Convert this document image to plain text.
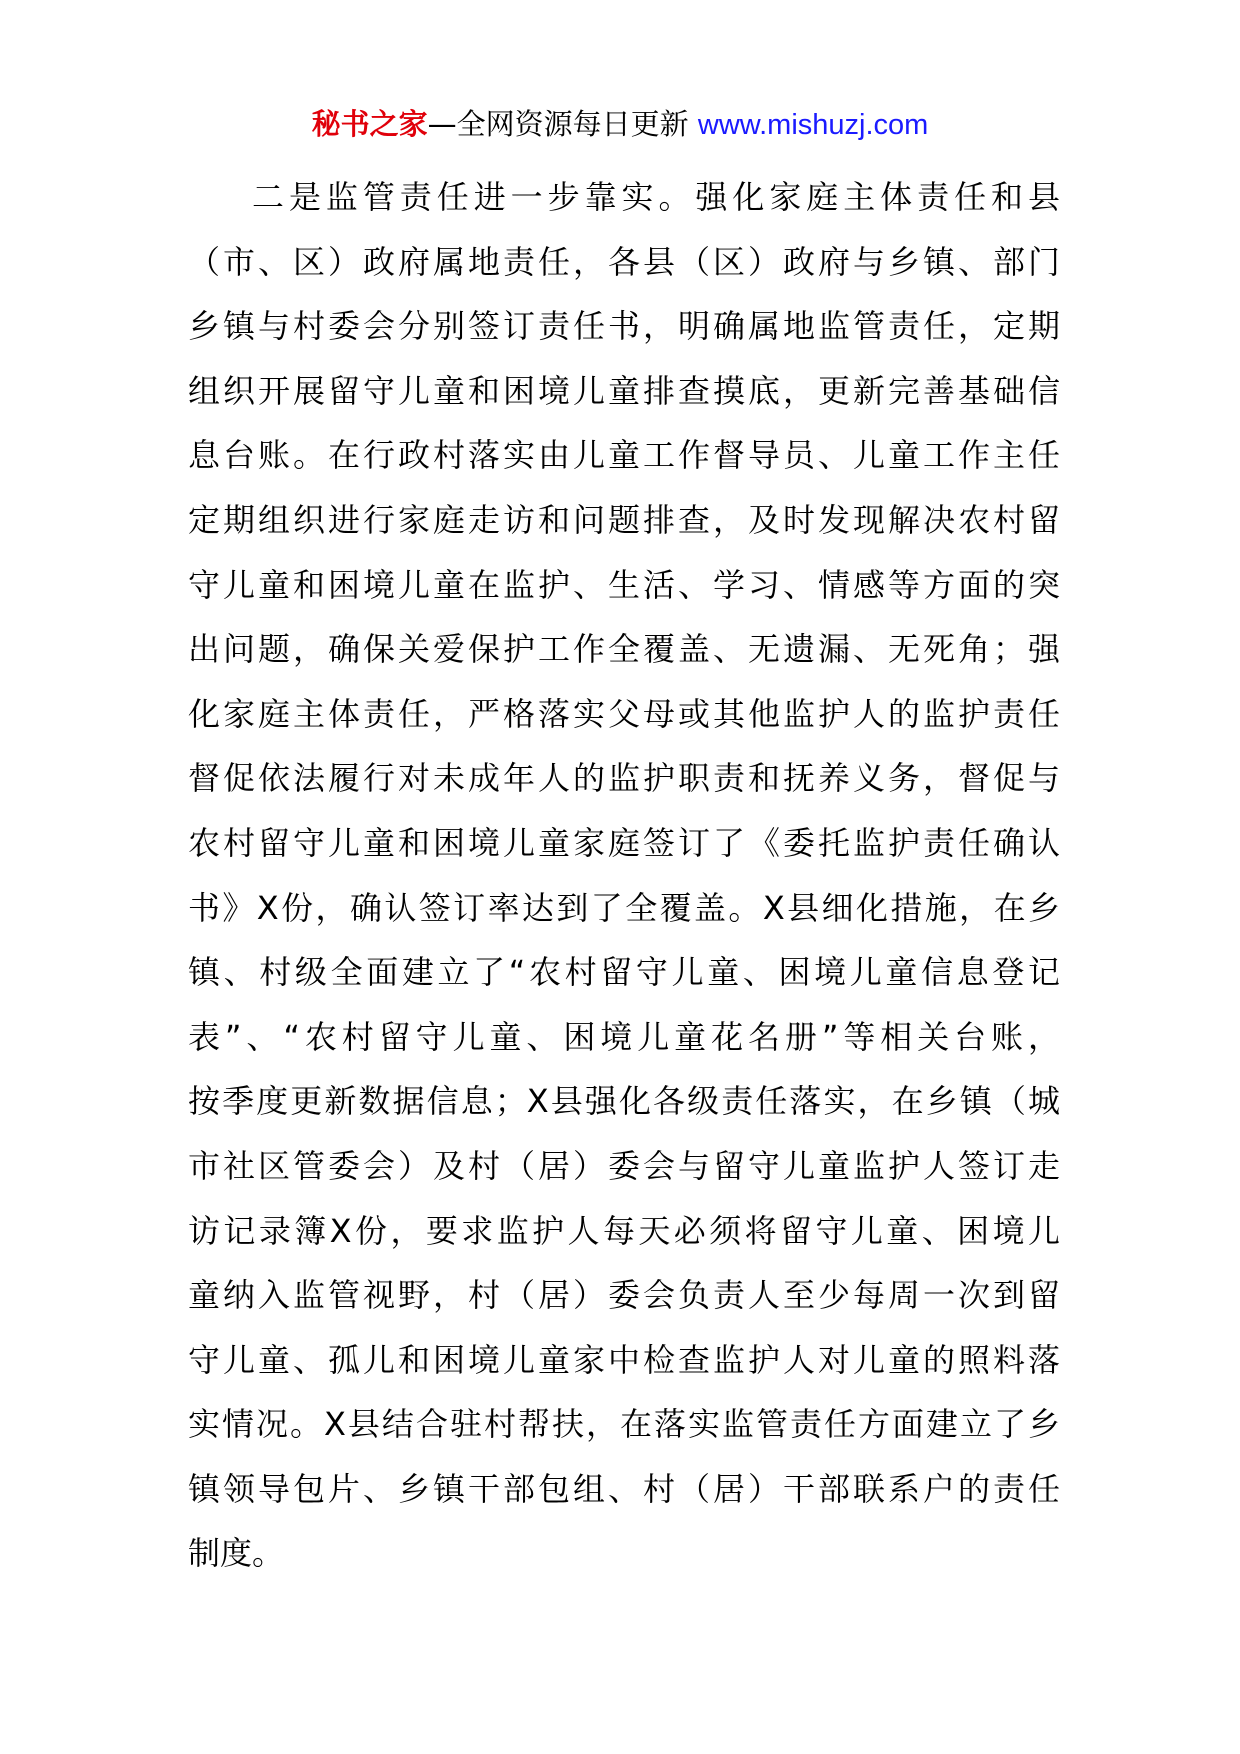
秘书之家—全网资源每日更新 www.mishuzj.com
二是监管责任进一步靠实。强化家庭主体责任和县
（市、区）政府属地责任，各县（区）政府与乡镇、部门
乡镇与村委会分别签订责任书，明确属地监管责任，定期
组织开展留守儿童和困境儿童排查摸底，更新完善基础信
息台账。在行政村落实由儿童工作督导员、儿童工作主任
定期组织进行家庭走访和问题排查，及时发现解决农村留
守儿童和困境儿童在监护、生活、学习、情感等方面的突
出问题，确保关爱保护工作全覆盖、无遗漏、无死角；强
化家庭主体责任，严格落实父母或其他监护人的监护责任
督促依法履行对未成年人的监护职责和抚养义务，督促与
农村留守儿童和困境儿童家庭签订了《委托监护责任确认
书》X份，确认签订率达到了全覆盖。X县细化措施，在乡
镇、村级全面建立了“农村留守儿童、困境儿童信息登记
表”、“农村留守儿童、困境儿童花名册”等相关台账，
按季度更新数据信息；X县强化各级责任落实，在乡镇（城
市社区管委会）及村（居）委会与留守儿童监护人签订走
访记录簿X份，要求监护人每天必须将留守儿童、困境儿
童纳入监管视野，村（居）委会负责人至少每周一次到留
守儿童、孤儿和困境儿童家中检查监护人对儿童的照料落
实情况。X县结合驻村帮扶，在落实监管责任方面建立了乡
镇领导包片、乡镇干部包组、村（居）干部联系户的责任
制度。
